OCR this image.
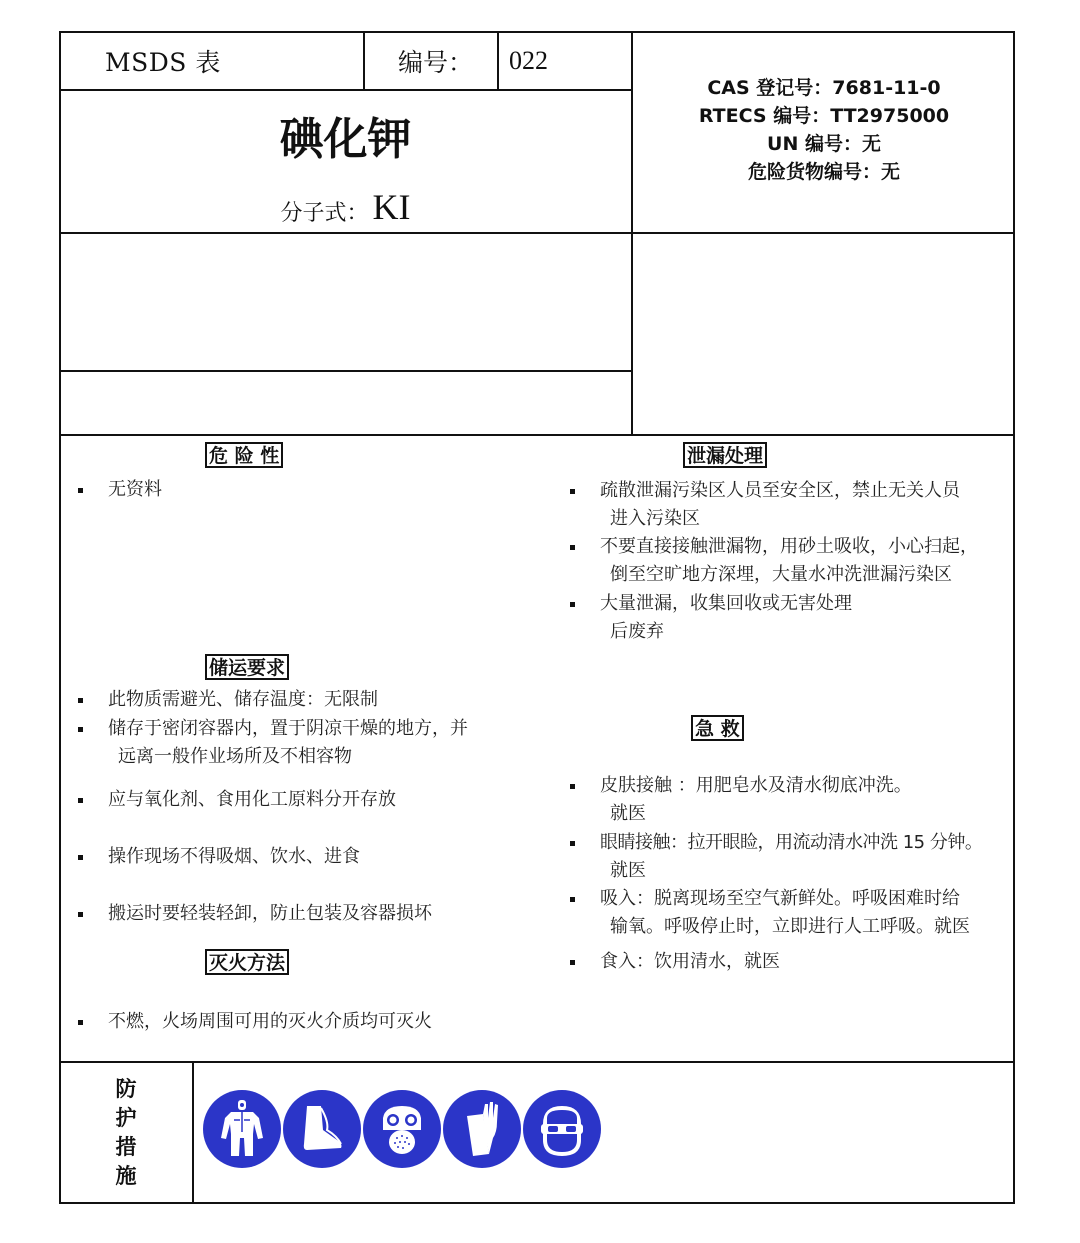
MSDS 表	编号： 022
碘化钾
分子式： KI
CAS 登记号：7681-11-0
RTECS 编号：TT2975000
UN 编号：无
危险货物编号：无
危 险 性
无资料
储运要求
此物质需避光、储存温度：无限制
储存于密闭容器内，置于阴凉干燥的地方，并
远离一般作业场所及不相容物
应与氧化剂、食用化工原料分开存放
操作现场不得吸烟、饮水、进食
搬运时要轻装轻卸，防止包装及容器损坏
灭火方法
不燃，火场周围可用的灭火介质均可灭火
泄漏处理
疏散泄漏污染区人员至安全区，禁止无关人员
进入污染区
不要直接接触泄漏物，用砂土吸收，小心扫起，
倒至空旷地方深埋，大量水冲洗泄漏污染区
大量泄漏，收集回收或无害处理
后废弃
急 救
皮肤接触 ：用肥皂水及清水彻底冲洗。
就医
眼睛接触：拉开眼睑，用流动清水冲洗 15 分钟。
就医
吸入：脱离现场至空气新鲜处。呼吸困难时给
输氧。呼吸停止时，立即进行人工呼吸。就医
食入：饮用清水，就医
防
护
措
施
